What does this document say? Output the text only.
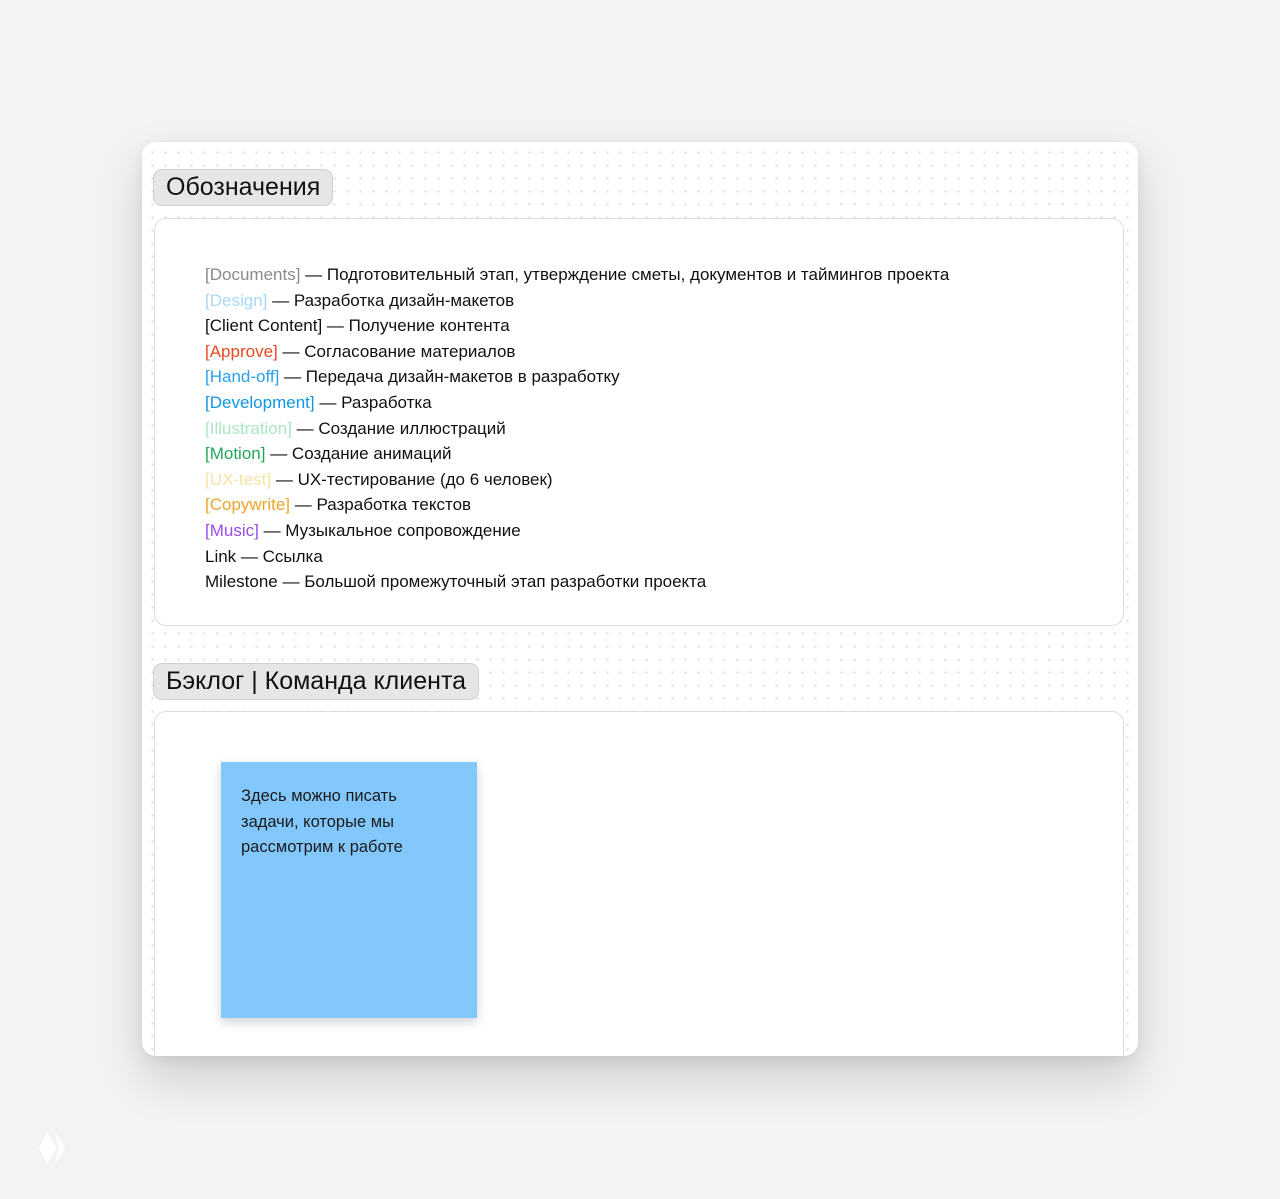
Обозначения
[Documents] — Подготовительный этап, утверждение сметы, документов и таймингов проекта
[Design] — Разработка дизайн-макетов
[Client Content] — Получение контента
[Approve] — Согласование материалов
[Hand-off] — Передача дизайн-макетов в разработку
[Development] — Разработка
[Illustration] — Создание иллюстраций
[Motion] — Создание анимаций
[UX-test] — UX-тестирование (до 6 человек)
[Copywrite] — Разработка текстов
[Music] — Музыкальное сопровождение
Link — Ссылка
Milestone — Большой промежуточный этап разработки проекта
Бэклог | Команда клиента
Здесь можно писать задачи, которые мы рассмотрим к работе
